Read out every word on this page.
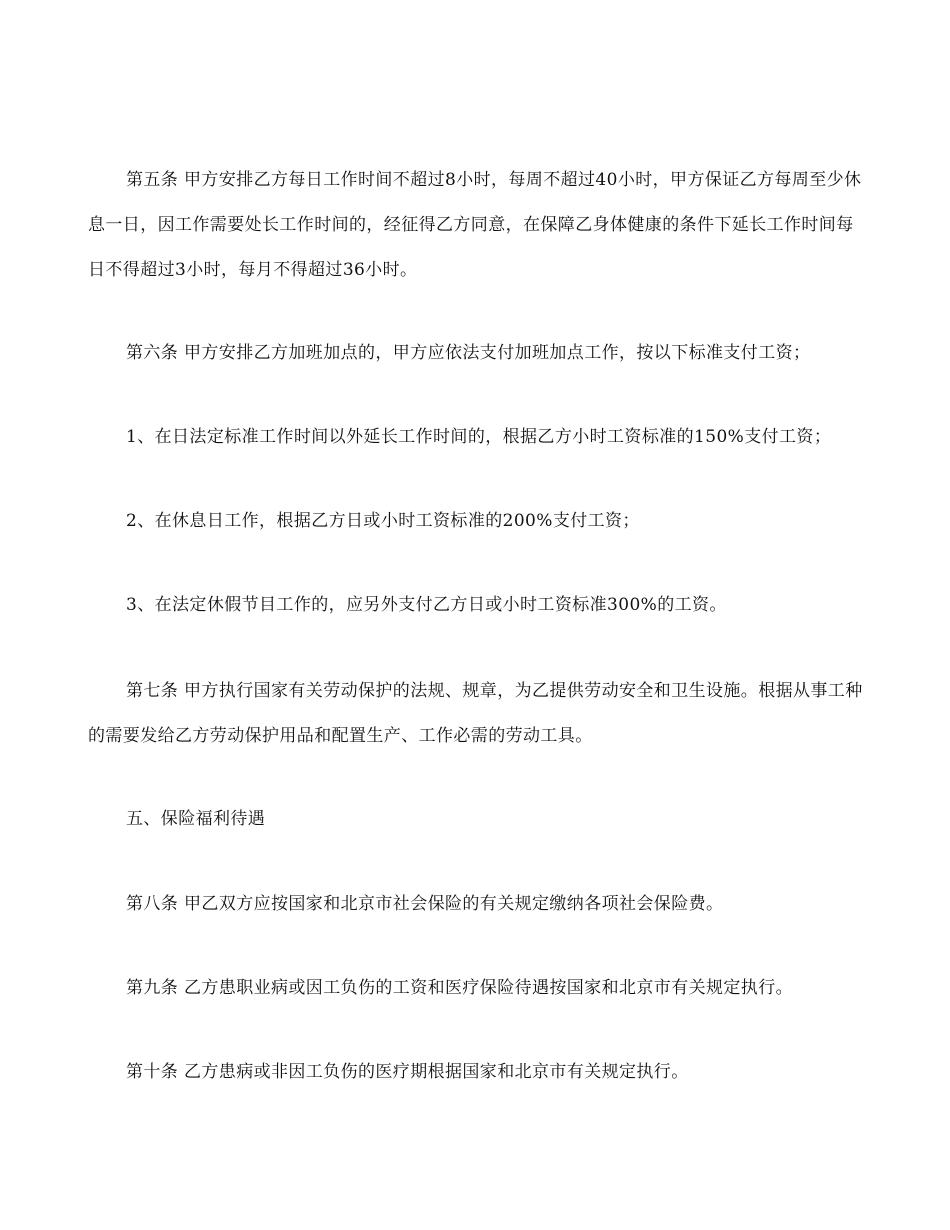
第五条 甲方安排乙方每日工作时间不超过8小时，每周不超过40小时，甲方保证乙方每周至少休息一日，因工作需要处长工作时间的，经征得乙方同意，在保障乙身体健康的条件下延长工作时间每日不得超过3小时，每月不得超过36小时。

第六条 甲方安排乙方加班加点的，甲方应依法支付加班加点工作，按以下标准支付工资；

1、在日法定标准工作时间以外延长工作时间的，根据乙方小时工资标准的150%支付工资；

2、在休息日工作，根据乙方日或小时工资标准的200%支付工资；

3、在法定休假节目工作的，应另外支付乙方日或小时工资标准300%的工资。

第七条 甲方执行国家有关劳动保护的法规、规章，为乙提供劳动安全和卫生设施。根据从事工种的需要发给乙方劳动保护用品和配置生产、工作必需的劳动工具。

五、保险福利待遇

第八条 甲乙双方应按国家和北京市社会保险的有关规定缴纳各项社会保险费。

第九条 乙方患职业病或因工负伤的工资和医疗保险待遇按国家和北京市有关规定执行。

第十条 乙方患病或非因工负伤的医疗期根据国家和北京市有关规定执行。
